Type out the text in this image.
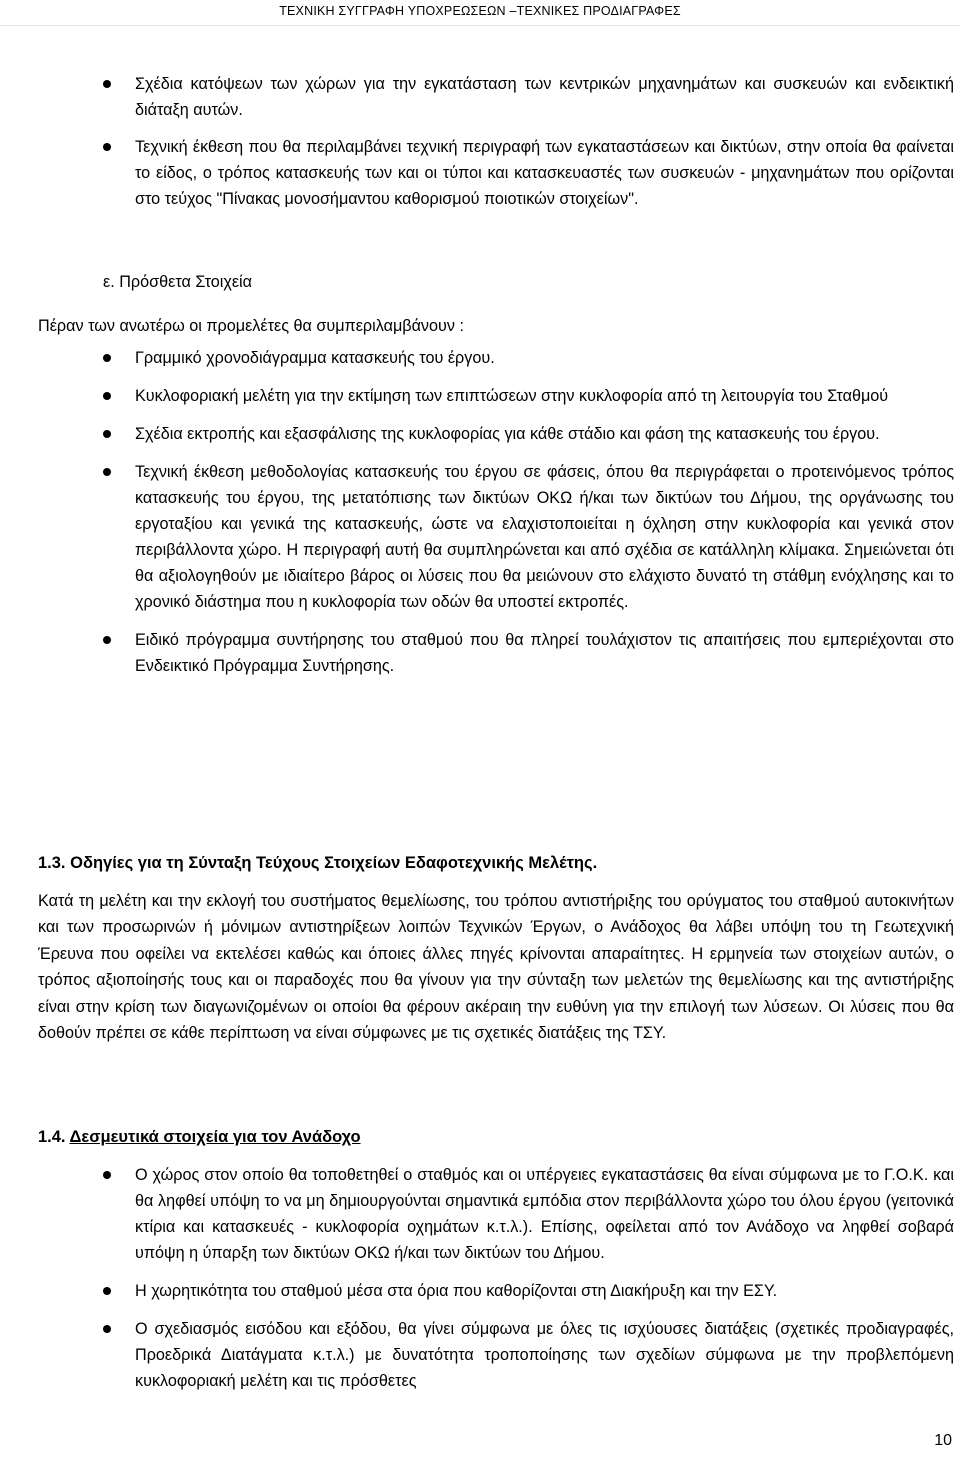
ΤΕΧΝΙΚΗ ΣΥΓΓΡΑΦΗ ΥΠΟΧΡΕΩΣΕΩΝ –ΤΕΧΝΙΚΕΣ ΠΡΟΔΙΑΓΡΑΦΕΣ
Σχέδια κατόψεων των χώρων για την εγκατάσταση των κεντρικών μηχανημάτων και συσκευών και ενδεικτική διάταξη αυτών.
Τεχνική έκθεση που θα περιλαμβάνει τεχνική περιγραφή των εγκαταστάσεων και δικτύων, στην οποία θα φαίνεται το είδος, ο τρόπος κατασκευής των και οι τύποι και κατασκευαστές των συσκευών - μηχανημάτων που ορίζονται στο τεύχος "Πίνακας μονοσήμαντου καθορισμού ποιοτικών στοιχείων".
ε. Πρόσθετα Στοιχεία
Πέραν των ανωτέρω οι προμελέτες θα συμπεριλαμβάνουν :
Γραμμικό χρονοδιάγραμμα κατασκευής του έργου.
Κυκλοφοριακή μελέτη για την εκτίμηση των επιπτώσεων στην κυκλοφορία από τη λειτουργία του Σταθμού
Σχέδια εκτροπής και εξασφάλισης της κυκλοφορίας για κάθε στάδιο και φάση της κατασκευής του έργου.
Τεχνική έκθεση μεθοδολογίας κατασκευής του έργου σε φάσεις, όπου θα περιγράφεται ο προτεινόμενος τρόπος κατασκευής του έργου, της μετατόπισης των δικτύων ΟΚΩ ή/και των δικτύων του Δήμου, της οργάνωσης του εργοταξίου και γενικά της κατασκευής, ώστε να ελαχιστοποιείται η όχληση στην κυκλοφορία και γενικά στον περιβάλλοντα χώρο. Η περιγραφή αυτή θα συμπληρώνεται και από σχέδια σε κατάλληλη κλίμακα. Σημειώνεται ότι θα αξιολογηθούν με ιδιαίτερο βάρος οι λύσεις που θα μειώνουν στο ελάχιστο δυνατό τη στάθμη ενόχλησης και το χρονικό διάστημα που η κυκλοφορία των οδών θα υποστεί εκτροπές.
Ειδικό πρόγραμμα συντήρησης του σταθμού που θα πληρεί τουλάχιστον τις απαιτήσεις που εμπεριέχονται στο Ενδεικτικό Πρόγραμμα Συντήρησης.
1.3. Οδηγίες για τη Σύνταξη Τεύχους Στοιχείων Εδαφοτεχνικής Μελέτης.
Κατά τη μελέτη και την εκλογή του συστήματος θεμελίωσης, του τρόπου αντιστήριξης του ορύγματος του σταθμού αυτοκινήτων και των προσωρινών ή μόνιμων αντιστηρίξεων λοιπών Τεχνικών Έργων, ο Ανάδοχος θα λάβει υπόψη του τη Γεωτεχνική Έρευνα που οφείλει να εκτελέσει καθώς και όποιες άλλες πηγές κρίνονται απαραίτητες. Η ερμηνεία των στοιχείων αυτών, ο τρόπος αξιοποίησής τους και οι παραδοχές που θα γίνουν για την σύνταξη των μελετών της θεμελίωσης και της αντιστήριξης είναι στην κρίση των διαγωνιζομένων οι οποίοι θα φέρουν ακέραιη την ευθύνη για την επιλογή των λύσεων. Οι λύσεις που θα δοθούν πρέπει σε κάθε περίπτωση να είναι σύμφωνες με τις σχετικές διατάξεις της ΤΣΥ.
1.4. Δεσμευτικά στοιχεία για τον Ανάδοχο
Ο χώρος στον οποίο θα τοποθετηθεί ο σταθμός και οι υπέργειες εγκαταστάσεις θα είναι σύμφωνα με το Γ.Ο.Κ. και θα ληφθεί υπόψη το να μη δημιουργούνται σημαντικά εμπόδια στον περιβάλλοντα χώρο του όλου έργου (γειτονικά κτίρια και κατασκευές - κυκλοφορία οχημάτων κ.τ.λ.). Επίσης, οφείλεται από τον Ανάδοχο να ληφθεί σοβαρά υπόψη η ύπαρξη των δικτύων ΟΚΩ ή/και των δικτύων του Δήμου.
Η χωρητικότητα του σταθμού μέσα στα όρια που καθορίζονται στη Διακήρυξη και την ΕΣΥ.
Ο σχεδιασμός εισόδου και εξόδου, θα γίνει σύμφωνα με όλες τις ισχύουσες διατάξεις (σχετικές προδιαγραφές, Προεδρικά Διατάγματα κ.τ.λ.) με δυνατότητα τροποποίησης των σχεδίων σύμφωνα με την προβλεπόμενη κυκλοφοριακή μελέτη και τις πρόσθετες
10
